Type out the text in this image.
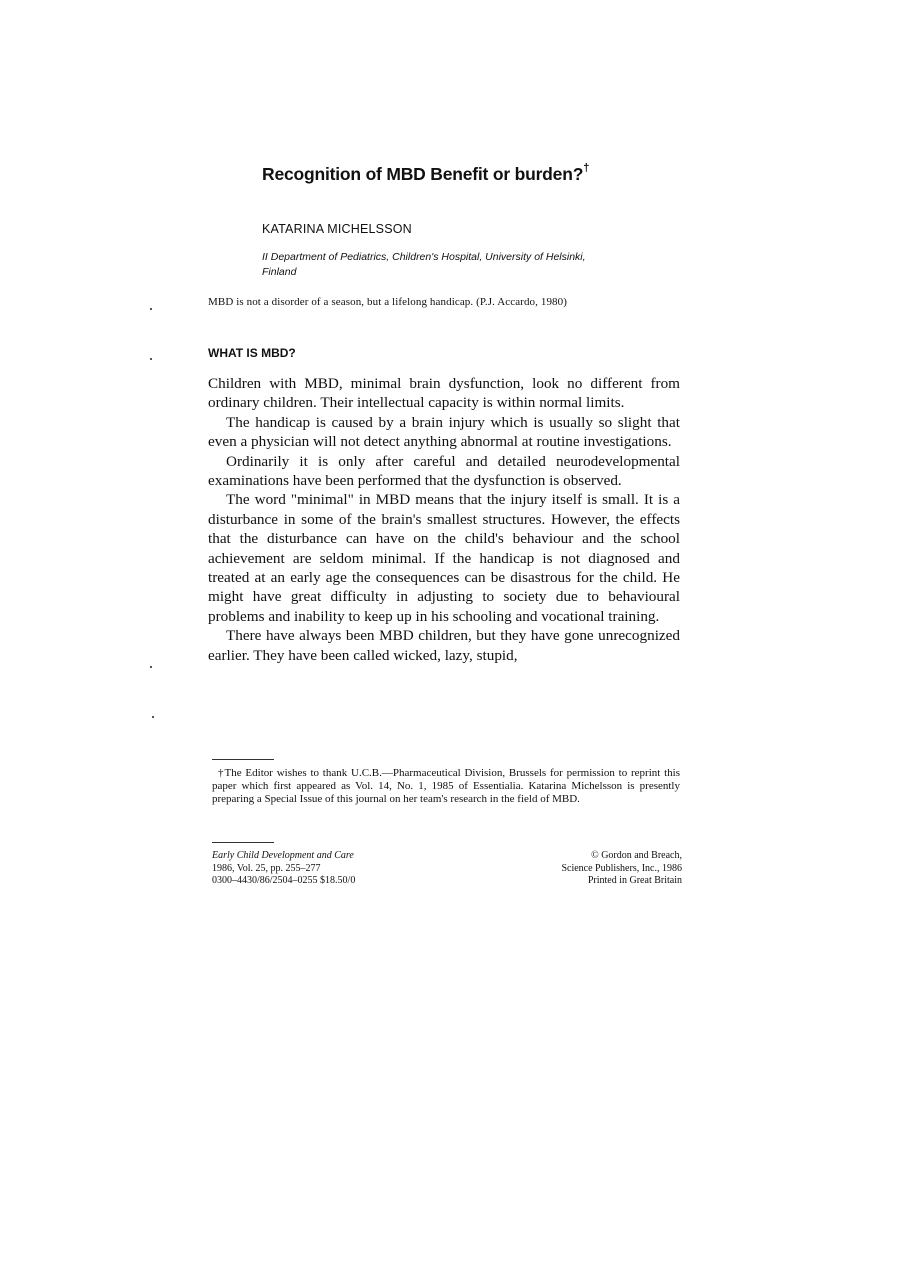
Recognition of MBD Benefit or burden?†
KATARINA MICHELSSON
II Department of Pediatrics, Children's Hospital, University of Helsinki, Finland
MBD is not a disorder of a season, but a lifelong handicap. (P.J. Accardo, 1980)
WHAT IS MBD?

Children with MBD, minimal brain dysfunction, look no different from ordinary children. Their intellectual capacity is within normal limits.

The handicap is caused by a brain injury which is usually so slight that even a physician will not detect anything abnormal at routine investigations.

Ordinarily it is only after careful and detailed neurodevelopmental examinations have been performed that the dysfunction is observed.

The word "minimal" in MBD means that the injury itself is small. It is a disturbance in some of the brain's smallest structures. However, the effects that the disturbance can have on the child's behaviour and the school achievement are seldom minimal. If the handicap is not diagnosed and treated at an early age the consequences can be disastrous for the child. He might have great difficulty in adjusting to society due to behavioural problems and inability to keep up in his schooling and vocational training.

There have always been MBD children, but they have gone unrecognized earlier. They have been called wicked, lazy, stupid,

†The Editor wishes to thank U.C.B.—Pharmaceutical Division, Brussels for permission to reprint this paper which first appeared as Vol. 14, No. 1, 1985 of Essentialia. Katarina Michelsson is presently preparing a Special Issue of this journal on her team's research in the field of MBD.

Early Child Development and Care
1986, Vol. 25, pp. 255–277
0300–4430/86/2504–0255 $18.50/0
© Gordon and Breach,
Science Publishers, Inc., 1986
Printed in Great Britain
